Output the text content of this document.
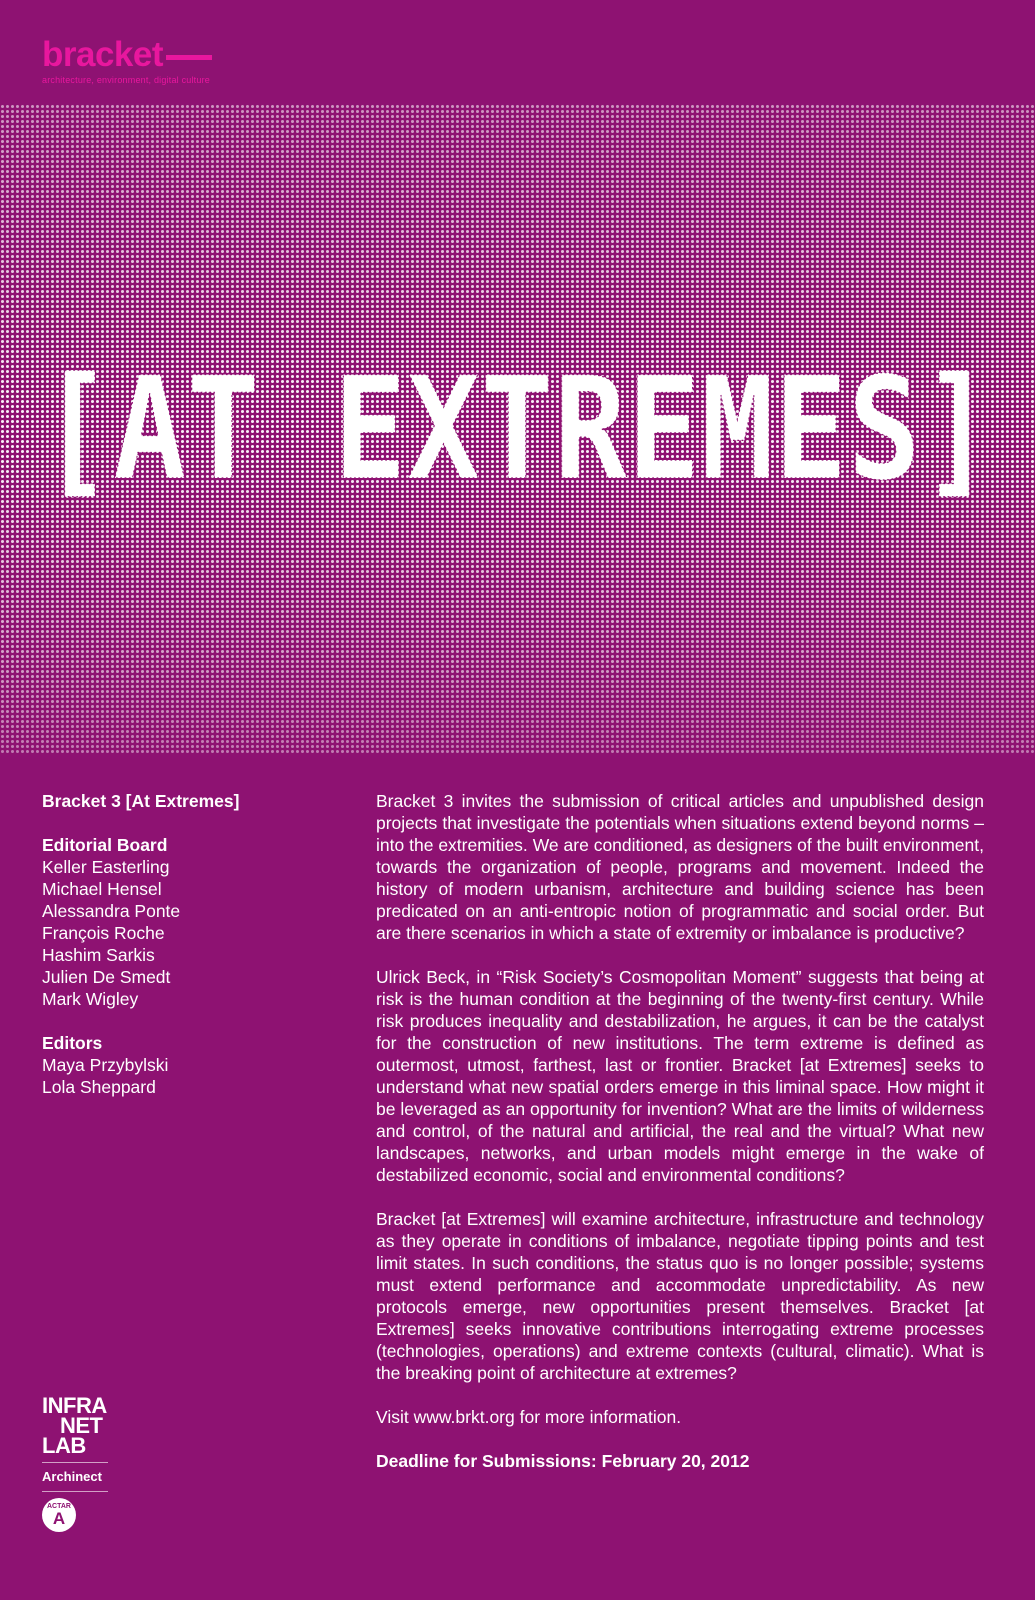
bracket
architecture, environment, digital culture
[AT EXTREMES]
Bracket 3 [At Extremes]
Editorial Board
Keller Easterling
Michael Hensel
Alessandra Ponte
François Roche
Hashim Sarkis
Julien De Smedt
Mark Wigley
Editors
Maya Przybylski
Lola Sheppard

Bracket 3 invites the submission of critical articles and unpublished design projects that investigate the potentials when situations extend beyond norms – into the extremities. We are conditioned, as designers of the built environment, towards the organization of people, programs and movement. Indeed the history of modern urbanism, architecture and building science has been predicated on an anti-entropic notion of programmatic and social order. But are there scenarios in which a state of extremity or imbalance is productive?

Ulrick Beck, in “Risk Society’s Cosmopolitan Moment” suggests that being at risk is the human condition at the beginning of the twenty-first century. While risk produces inequality and destabilization, he argues, it can be the catalyst for the construction of new institutions. The term extreme is defined as outermost, utmost, farthest, last or frontier. Bracket [at Extremes] seeks to understand what new spatial orders emerge in this liminal space. How might it be leveraged as an opportunity for invention? What are the limits of wilderness and control, of the natural and artificial, the real and the virtual? What new landscapes, networks, and urban models might emerge in the wake of destabilized economic, social and environmental conditions?

Bracket [at Extremes] will examine architecture, infrastructure and technology as they operate in conditions of imbalance, negotiate tipping points and test limit states. In such conditions, the status quo is no longer possible; systems must extend performance and accommodate unpredictability. As new protocols emerge, new opportunities present themselves. Bracket [at Extremes] seeks innovative contributions interrogating extreme processes (technologies, operations) and extreme contexts (cultural, climatic). What is the breaking point of architecture at extremes?

Visit www.brkt.org for more information.

Deadline for Submissions: February 20, 2012

INFRA
NET
LAB
Archinect
ACTAR
A
